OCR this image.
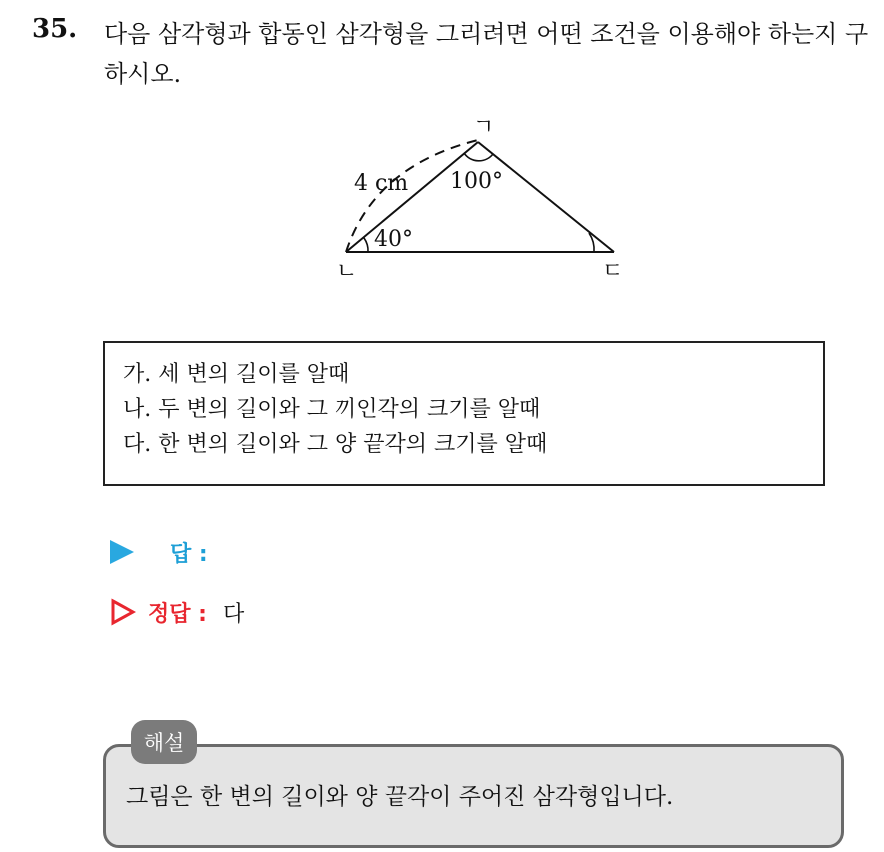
35. 다음 삼각형과 합동인 삼각형을 그리려면 어떤 조건을 이용해야 하는지 구하시오.
ㄱ
ㄴ	ㄷ
4 cm 100°
40°
가. 세 변의 길이를 알때
나. 두 변의 길이와 그 끼인각의 크기를 알때
다. 한 변의 길이와 그 양 끝각의 크기를 알때
답 :
정답 : 다
해설
그림은 한 변의 길이와 양 끝각이 주어진 삼각형입니다.
